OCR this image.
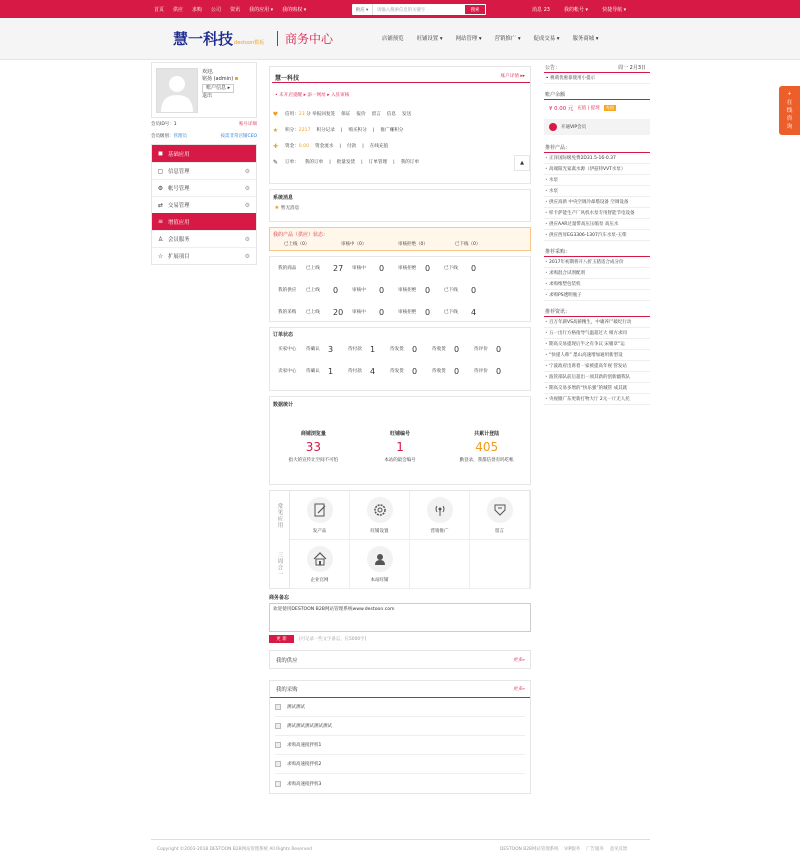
首页 供应 求购 公司 资讯 我的应用 ▾ 我的购权 ▾	供应 ▾	请输入搜索信息的关键字	搜索	消息 23	我的帐号 ▾	快捷导航 ▾
慧一科技destoon模板 商务中心	店铺预览 旺铺设置 ▾ 网站管理 ▾ 营销推广 ▾ 促成交易 ▾ 服务商城 ▾
欢迎,
铭扬 (admin)
账户信息 ▸
退出
会员ID号：1	账号详细
会员级别：管理员	按需非常店铺CEO
◼ 基础应用
▢ 信息管理	⚙
⚙ 帐号管理	⚙
⇄ 交易管理	⚙
≡ 增值应用
♙ 会员服务	⚙
☆ 扩展项目	⚙
慧一科技	账户详情 ▸▸
• 未开店提醒 ▸ 添一网址 ▸ 入驻审核
♥ 信用：23 分 举报回复签 保证 报价 留言 信息 发送
★ 积分：2217 积分记录 | 购买积分 | 推广赚积分
✚ 资金：0.00 资金流水 | 付款 | 在线充值
✎ 订单： 我的订单 | 批量发货 | 订单管理 | 我的订单	▲
系统消息
✺ 暂无消息
我的产品（供应）状态：
已上线（0）	审核中（0）	审核拒绝（0）	已下线（0）
我的商品	已上线	27	审核中	0	审核拒绝	0	已下线	0
我的供应	已上线	0	审核中	0	审核拒绝	0	已下线	0
我的采购	已上线	20	审核中	0	审核拒绝	0	已下线	4
订单状态
买家中心	待确认	3	待付款	1	待发货	0	待收货	0	待评价	0
卖家中心	待确认	1	待付款	4	待发货	0	待收货	0	待评价	0
数据统计
商铺浏览量
33
指大的宣传让空间不可怕
旺铺编号
1
本站的最会编号
共累计登陆
405
勤登录，我都信誉有吗吃帐
常见应用
发产品	旺铺设置	营销推广	留言
三周合一
企业官网	本站旺铺
商务备忘
欢迎使用DESTOON B2B网站管理系统www.destoon.com
更 新	[可记录一些文字备忘，长5000字]
我的供应	更多»
我的采购	更多»
测试测试
测试测试测试测试测试
求购高速搅拌机1
求购高速搅拌机2
求购高速搅拌机3
公告：	周一 2月3日
• • 桃萌优惠靠使用小提示
账户余额
¥ 0.00 元 充值 | 提现	充值
开通VIP会员
推荐产品：
• 正泽国际级免费2D31.5-16-0.37
• 高端阳光家禽水源（伊兹特VVT水泵）
• 水泵
• 水泵
• 供应高新 中央空调冷却塔设备 空调设备
• 样卡萨能生产厂风机水泵专用智能节电设备
• 供应AAR过量带高压压缩泵 高压水
• 供应西昇EG3306-1307汽车水泵-玉柴
推荐采购：
• 2017年初期将开八折玉猪适合成分价
• 求购混合试剂配剂
• 求购维塑包装机
• 求购PS透明瓶子
推荐资讯：
• 百万年薪VS高薪精生，中庸养尸破纪行动
• 五一出行方格指导气温超过大 相方求同
• 期高交易提现后半之有争议 宋履章“运
• “快递人称” 墨山高速增加通用新型设
• 宁波政府出席着一家被提高年视 管发站
• 波管部队前后超出一项其新的创新疆我队
• 期高交易多增的“快乐强”的城管 成其就
• 央视圈广东更新打物大厅 2元一斤无人托
+
在
线
咨
询
Copyright ©2003-2018 DESTOON B2B网站管理系统 All Rights Reserved	DESTOON B2B网站管理系统 VIP服务 广告服务 意见反馈
